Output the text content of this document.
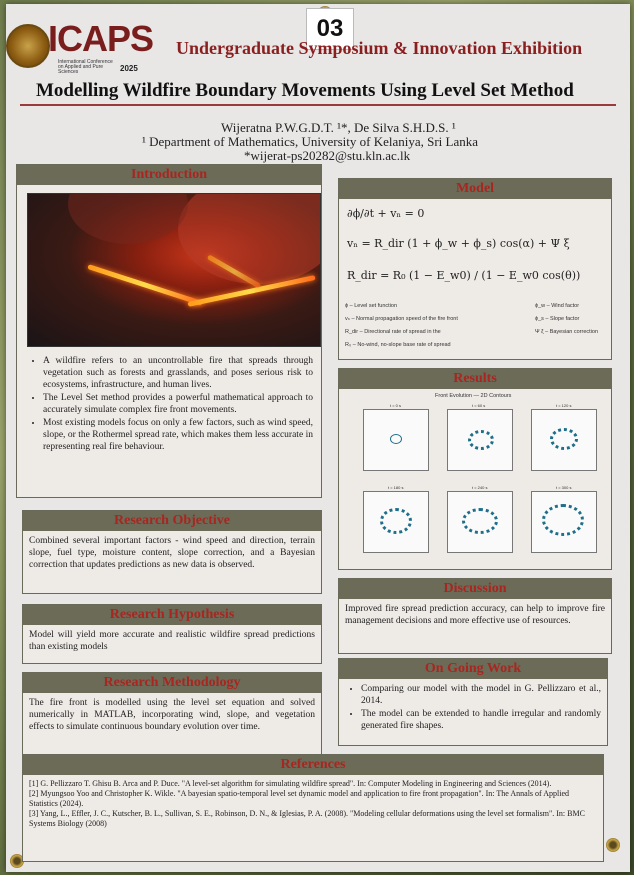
ICAPS
International Conference on Applied and Pure Sciences	2025
03
Undergraduate Symposium & Innovation Exhibition
Modelling Wildfire Boundary Movements Using Level Set Method
Wijeratna P.W.G.D.T. ¹*, De Silva S.H.D.S. ¹
¹ Department of Mathematics, University of Kelaniya, Sri Lanka
*wijerat-ps20282@stu.kln.ac.lk
Introduction
• A wildfire refers to an uncontrollable fire that spreads through vegetation such as forests and grasslands, and poses serious risk to ecosystems, infrastructure, and human lives.
• The Level Set method provides a powerful mathematical approach to accurately simulate complex fire front movements.
• Most existing models focus on only a few factors, such as wind speed, slope, or the Rothermel spread rate, which makes them less accurate in representing real fire behaviour.
Research Objective
Combined several important factors - wind speed and direction, terrain slope, fuel type, moisture content, slope correction, and a Bayesian correction that updates predictions as new data is observed.
Research Hypothesis
Model will yield more accurate and realistic wildfire spread predictions than existing models
Research Methodology
The fire front is modelled using the level set equation and solved numerically in MATLAB, incorporating wind, slope, and vegetation effects to simulate continuous boundary evolution over time.
Model
∂ϕ/∂t + vₙ = 0
vₙ = R_dir (1 + ϕ_w + ϕ_s) cos(α) + Ψ ξ
R_dir = R₀ (1 − E_w0) / (1 − E_w0 cos(θ))
ϕ – Level set function
vₙ – Normal propagation speed of the fire front
R_dir – Directional rate of spread in the
R₀ – No-wind, no-slope base rate of spread
ϕ_w – Wind factor
ϕ_s – Slope factor
Ψ ξ – Bayesian correction
Results
Front Evolution — 2D Contours
t = 0 s	t = 60 s	t = 120 s
t = 180 s	t = 240 s	t = 300 s
Discussion
Improved fire spread prediction accuracy, can help to improve fire management decisions and more effective use of resources.
On Going Work
• Comparing our model with the model in G. Pellizzaro et al., 2014.
• The model can be extended to handle irregular and randomly generated fire shapes.
References
[1] G. Pellizzaro T. Ghisu B. Arca and P. Duce. "A level-set algorithm for simulating wildfire spread". In: Computer Modeling in Engineering and Sciences (2014).
[2] Myungsoo Yoo and Christopher K. Wikle. "A bayesian spatio-temporal level set dynamic model and application to fire front propagation". In: The Annals of Applied Statistics (2024).
[3] Yang, L., Effler, J. C., Kutscher, B. L., Sullivan, S. E., Robinson, D. N., & Iglesias, P. A. (2008). "Modeling cellular deformations using the level set formalism". In: BMC Systems Biology (2008)
